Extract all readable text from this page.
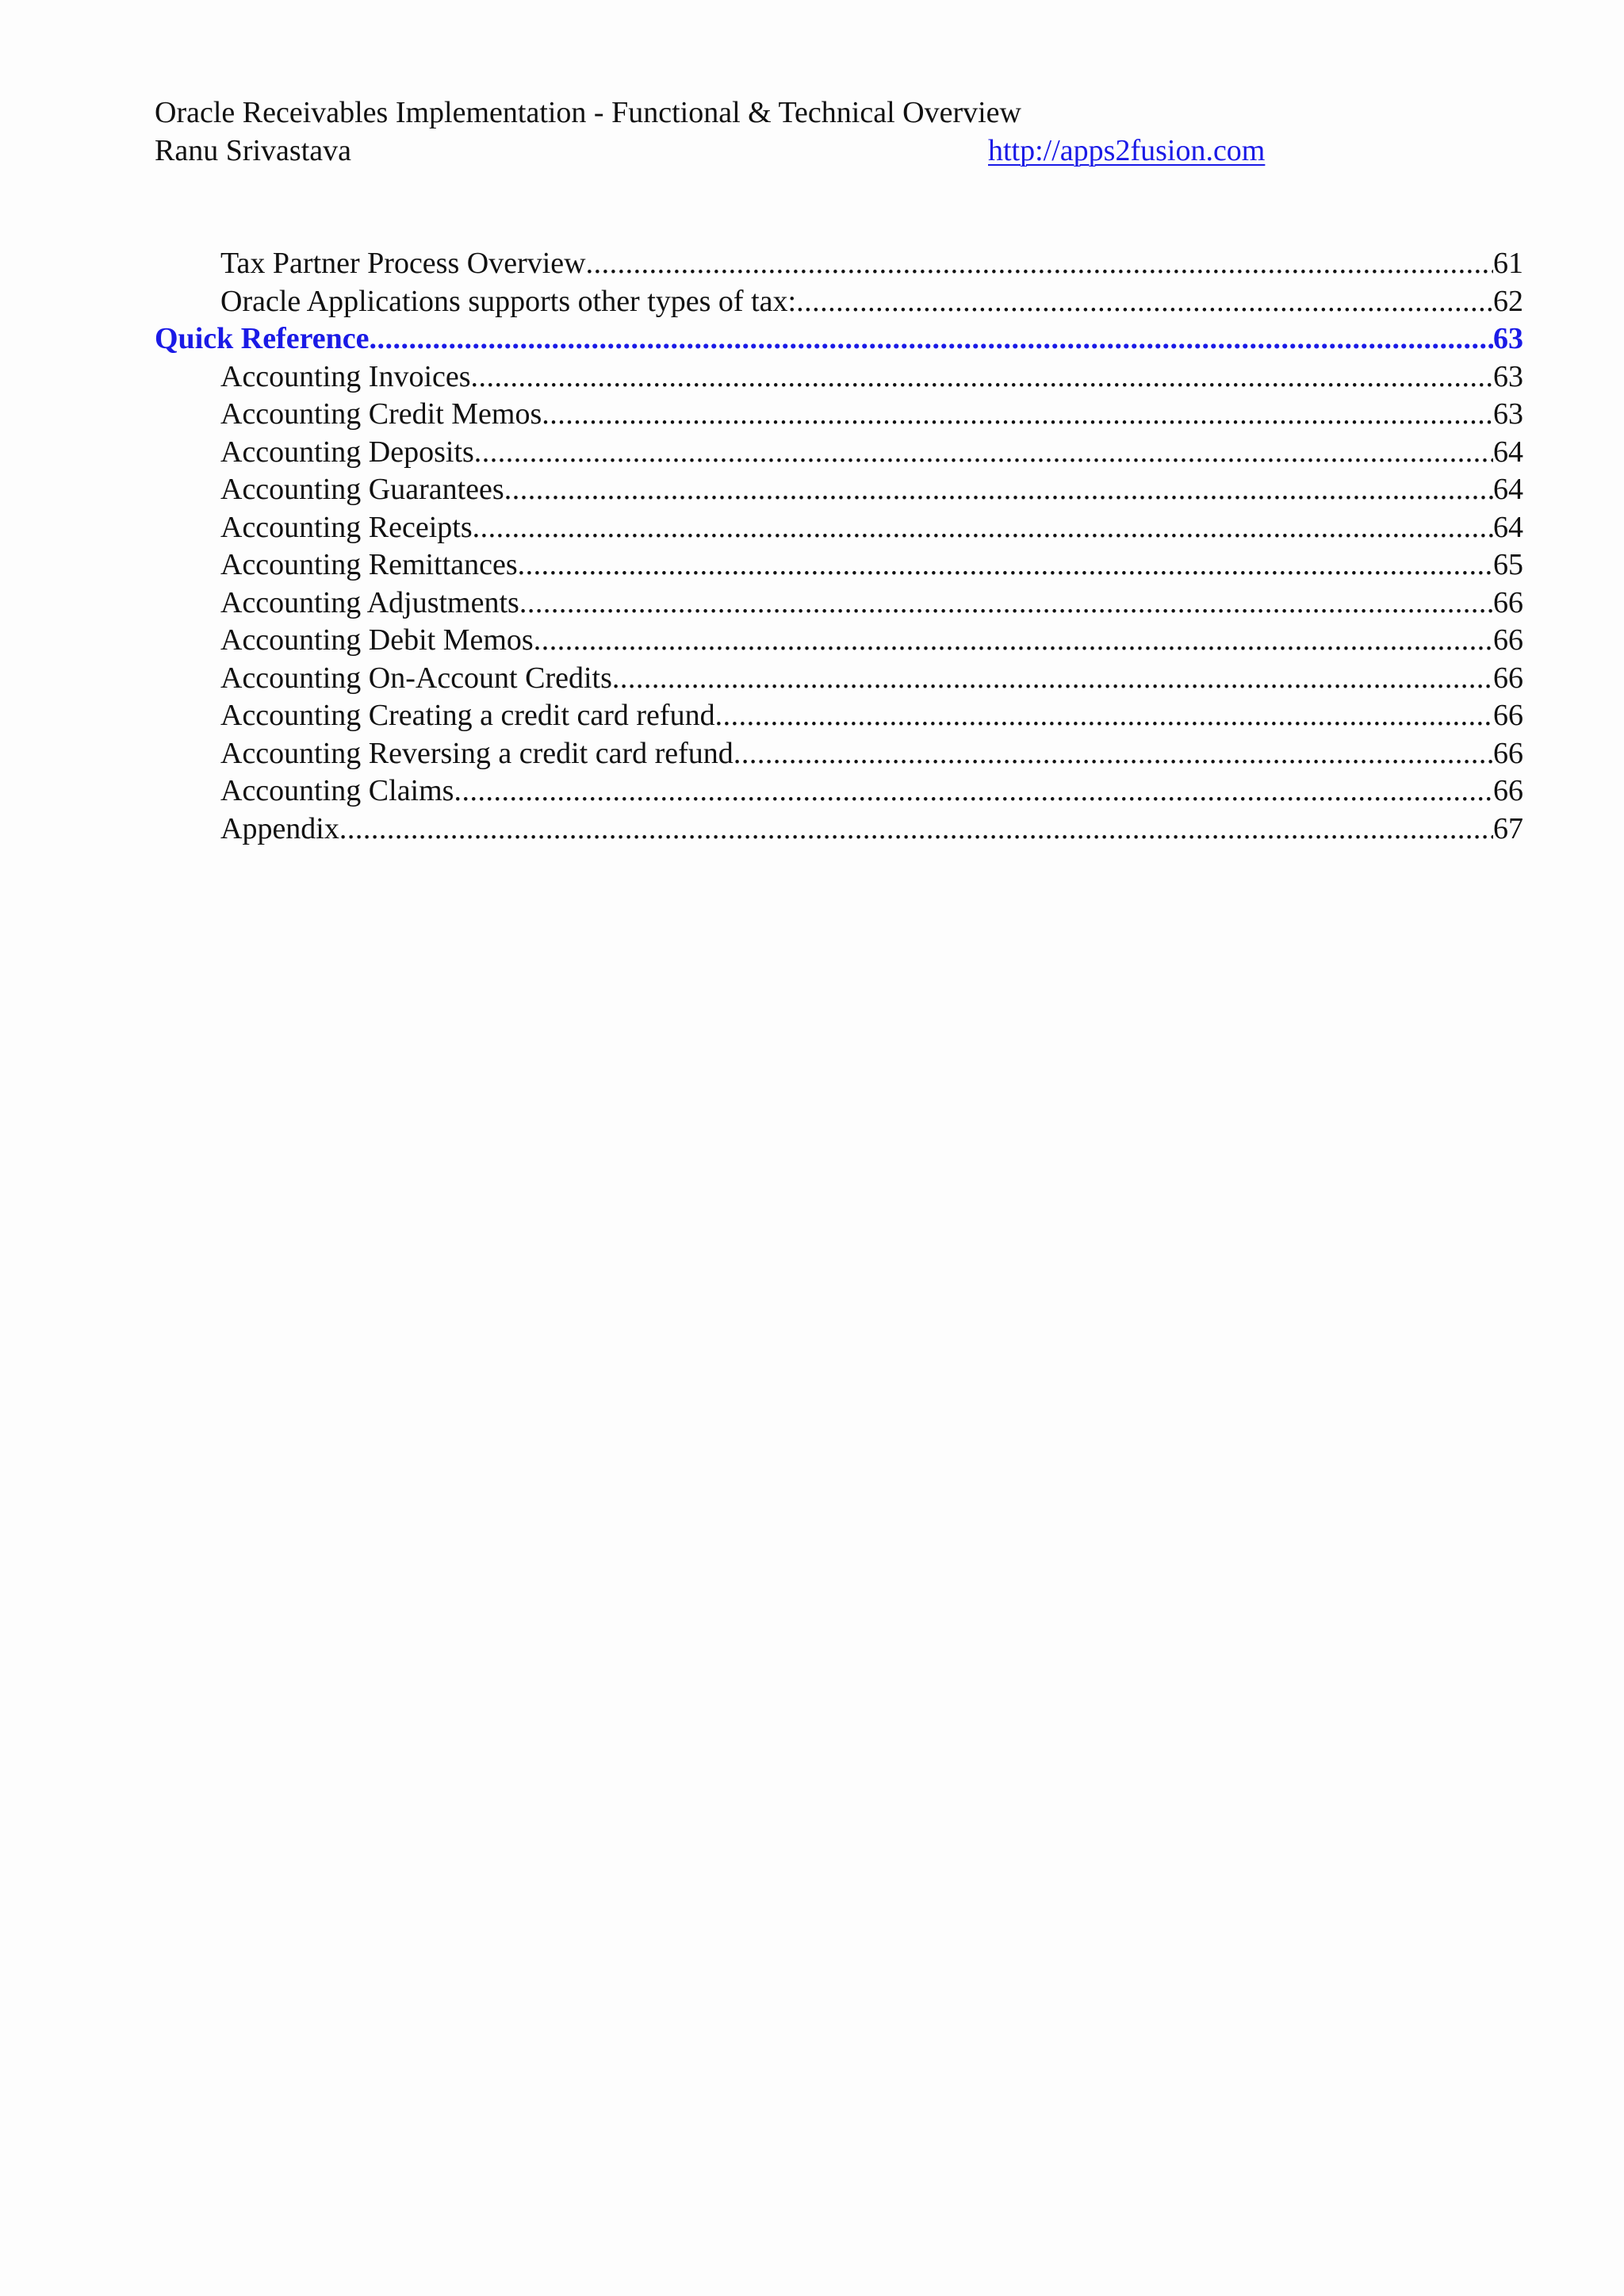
Oracle Receivables Implementation - Functional & Technical Overview
Ranu Srivastava	http://apps2fusion.com
Tax Partner Process Overview .....	61
Oracle Applications supports other types of tax: .....	62
Quick Reference .....	63
Accounting Invoices .....	63
Accounting Credit Memos .....	63
Accounting Deposits .....	64
Accounting Guarantees .....	64
Accounting Receipts .....	64
Accounting Remittances .....	65
Accounting Adjustments .....	66
Accounting Debit Memos .....	66
Accounting On-Account Credits .....	66
Accounting Creating a credit card refund .....	66
Accounting Reversing a credit card refund .....	66
Accounting Claims .....	66
Appendix .....	67
